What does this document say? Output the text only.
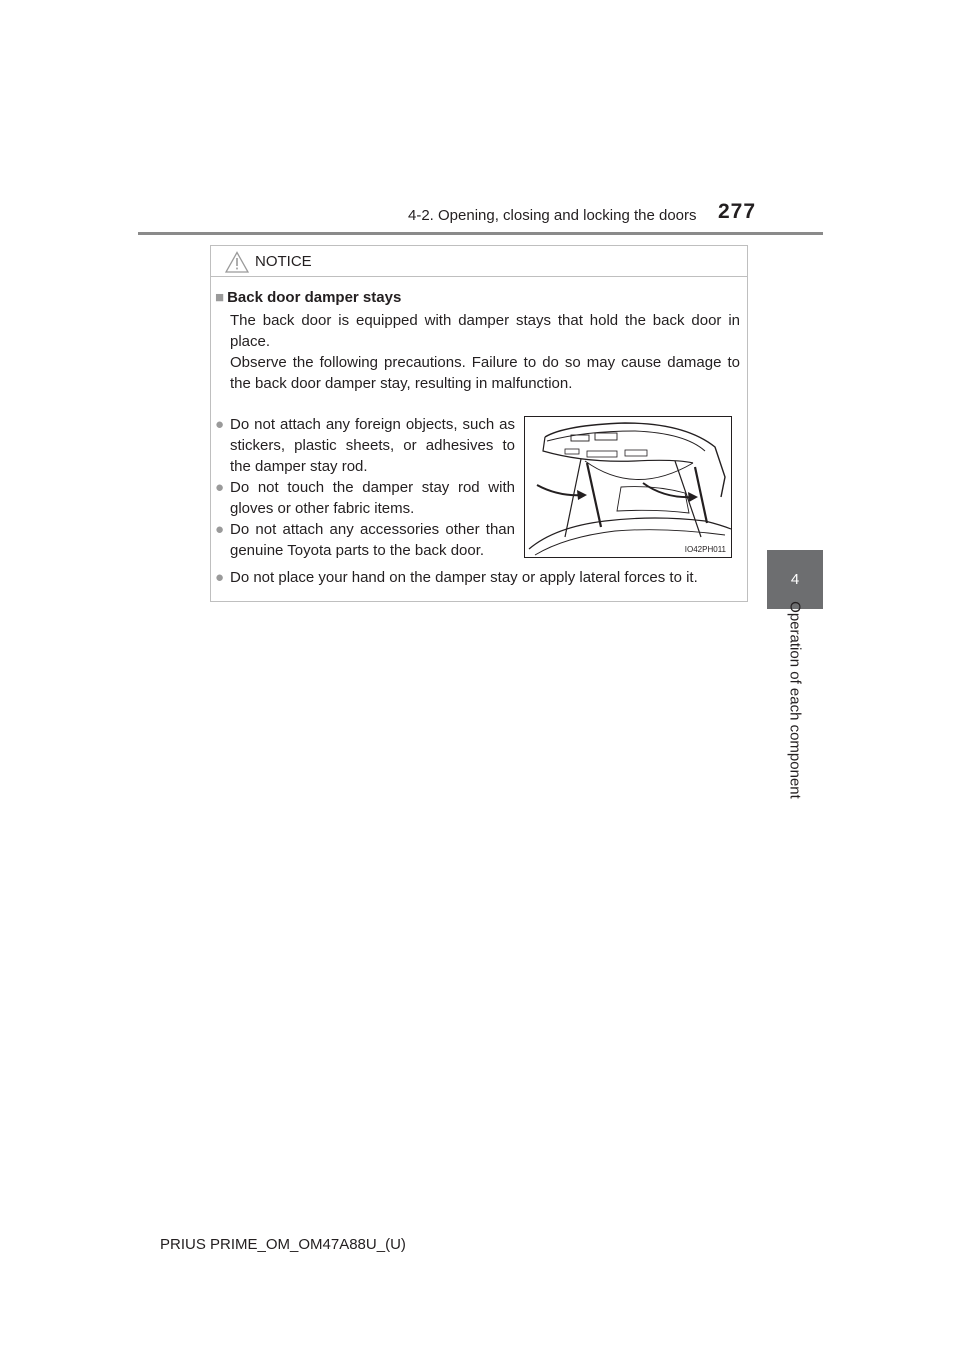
4-2. Opening, closing and locking the doors 277
4
Operation of each component
NOTICE
■ Back door damper stays
The back door is equipped with damper stays that hold the back door in place.
Observe the following precautions. Failure to do so may cause damage to the back door damper stay, resulting in malfunction.
● Do not attach any foreign objects, such as stickers, plastic sheets, or adhesives to the damper stay rod.
● Do not touch the damper stay rod with gloves or other fabric items.
● Do not attach any accessories other than genuine Toyota parts to the back door.
● Do not place your hand on the damper stay or apply lateral forces to it.
IO42PH011
PRIUS PRIME_OM_OM47A88U_(U)
